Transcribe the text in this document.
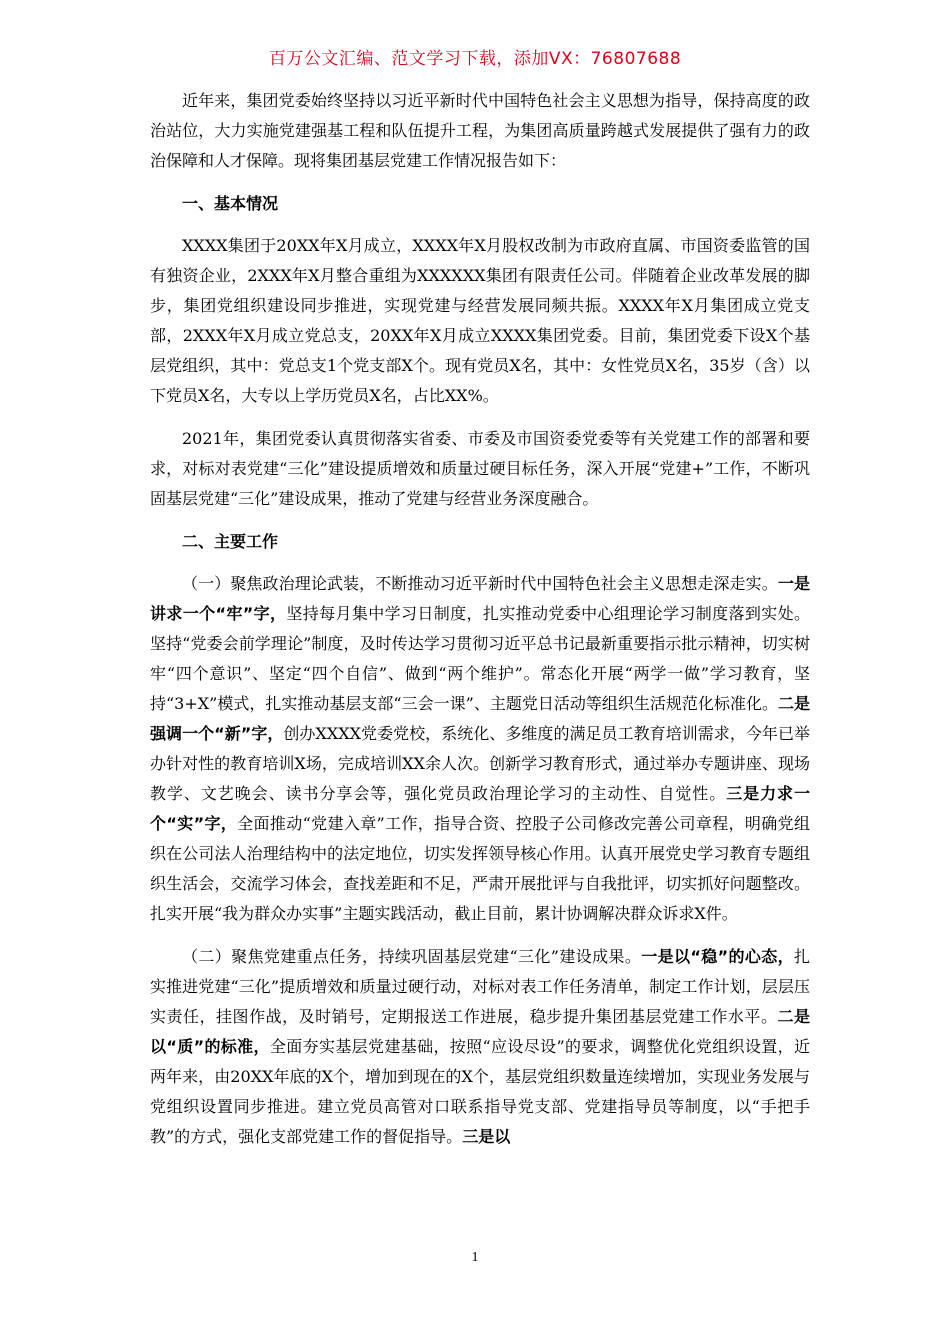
百万公文汇编、范文学习下载，添加VX：76807688

近年来，集团党委始终坚持以习近平新时代中国特色社会主义思想为指导，保持高度的政治站位，大力实施党建强基工程和队伍提升工程，为集团高质量跨越式发展提供了强有力的政治保障和人才保障。现将集团基层党建工作情况报告如下：

一、基本情况

XXXX集团于20XX年X月成立，XXXX年X月股权改制为市政府直属、市国资委监管的国有独资企业，2XXX年X月整合重组为XXXXXX集团有限责任公司。伴随着企业改革发展的脚步，集团党组织建设同步推进，实现党建与经营发展同频共振。XXXX年X月集团成立党支部，2XXX年X月成立党总支，20XX年X月成立XXXX集团党委。目前，集团党委下设X个基层党组织，其中：党总支1个党支部X个。现有党员X名，其中：女性党员X名，35岁（含）以下党员X名，大专以上学历党员X名，占比XX%。

2021年，集团党委认真贯彻落实省委、市委及市国资委党委等有关党建工作的部署和要求，对标对表党建“三化”建设提质增效和质量过硬目标任务，深入开展“党建+”工作，不断巩固基层党建“三化”建设成果，推动了党建与经营业务深度融合。

二、主要工作

（一）聚焦政治理论武装，不断推动习近平新时代中国特色社会主义思想走深走实。一是讲求一个“牢”字，坚持每月集中学习日制度，扎实推动党委中心组理论学习制度落到实处。坚持“党委会前学理论”制度，及时传达学习贯彻习近平总书记最新重要指示批示精神，切实树牢“四个意识”、坚定“四个自信”、做到“两个维护”。常态化开展“两学一做”学习教育，坚持“3+X”模式，扎实推动基层支部“三会一课”、主题党日活动等组织生活规范化标准化。二是强调一个“新”字，创办XXXX党委党校，系统化、多维度的满足员工教育培训需求，今年已举办针对性的教育培训X场，完成培训XX余人次。创新学习教育形式，通过举办专题讲座、现场教学、文艺晚会、读书分享会等，强化党员政治理论学习的主动性、自觉性。三是力求一个“实”字，全面推动“党建入章”工作，指导合资、控股子公司修改完善公司章程，明确党组织在公司法人治理结构中的法定地位，切实发挥领导核心作用。认真开展党史学习教育专题组织生活会，交流学习体会，查找差距和不足，严肃开展批评与自我批评，切实抓好问题整改。扎实开展“我为群众办实事”主题实践活动，截止目前，累计协调解决群众诉求X件。

（二）聚焦党建重点任务，持续巩固基层党建“三化”建设成果。一是以“稳”的心态，扎实推进党建“三化”提质增效和质量过硬行动，对标对表工作任务清单，制定工作计划，层层压实责任，挂图作战，及时销号，定期报送工作进展，稳步提升集团基层党建工作水平。二是以“质”的标准，全面夯实基层党建基础，按照“应设尽设”的要求，调整优化党组织设置，近两年来，由20XX年底的X个，增加到现在的X个，基层党组织数量连续增加，实现业务发展与党组织设置同步推进。建立党员高管对口联系指导党支部、党建指导员等制度，以“手把手教”的方式，强化支部党建工作的督促指导。三是以

1
